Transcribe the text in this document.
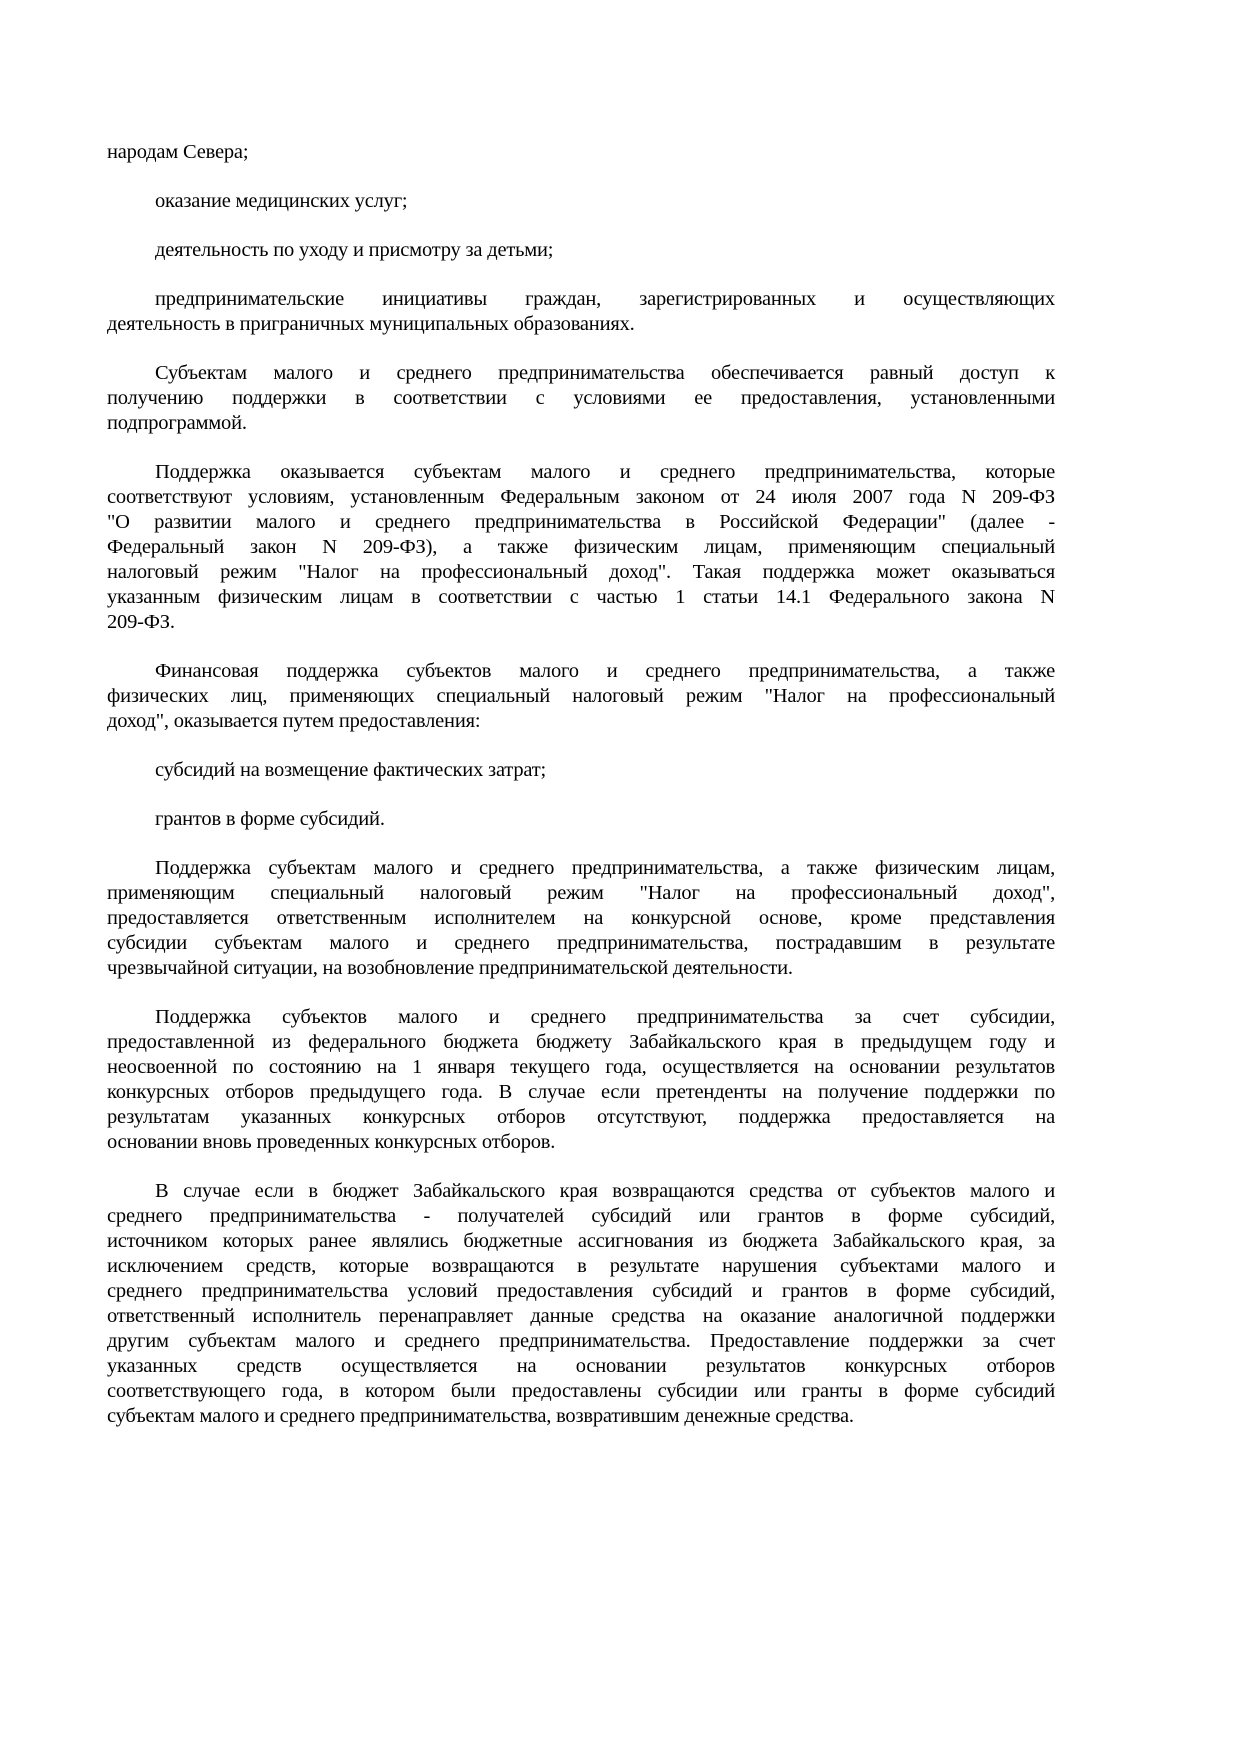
народам Севера;
оказание медицинских услуг;
деятельность по уходу и присмотру за детьми;
предпринимательские инициативы граждан, зарегистрированных и осуществляющих
деятельность в приграничных муниципальных образованиях.
Субъектам малого и среднего предпринимательства обеспечивается равный доступ к
получению поддержки в соответствии с условиями ее предоставления, установленными
подпрограммой.
Поддержка оказывается субъектам малого и среднего предпринимательства, которые
соответствуют условиям, установленным Федеральным законом от 24 июля 2007 года N 209-ФЗ
"О развитии малого и среднего предпринимательства в Российской Федерации" (далее -
Федеральный закон N 209-ФЗ), а также физическим лицам, применяющим специальный
налоговый режим "Налог на профессиональный доход". Такая поддержка может оказываться
указанным физическим лицам в соответствии с частью 1 статьи 14.1 Федерального закона N
209-ФЗ.
Финансовая поддержка субъектов малого и среднего предпринимательства, а также
физических лиц, применяющих специальный налоговый режим "Налог на профессиональный
доход", оказывается путем предоставления:
субсидий на возмещение фактических затрат;
грантов в форме субсидий.
Поддержка субъектам малого и среднего предпринимательства, а также физическим лицам,
применяющим специальный налоговый режим "Налог на профессиональный доход",
предоставляется ответственным исполнителем на конкурсной основе, кроме представления
субсидии субъектам малого и среднего предпринимательства, пострадавшим в результате
чрезвычайной ситуации, на возобновление предпринимательской деятельности.
Поддержка субъектов малого и среднего предпринимательства за счет субсидии,
предоставленной из федерального бюджета бюджету Забайкальского края в предыдущем году и
неосвоенной по состоянию на 1 января текущего года, осуществляется на основании результатов
конкурсных отборов предыдущего года. В случае если претенденты на получение поддержки по
результатам указанных конкурсных отборов отсутствуют, поддержка предоставляется на
основании вновь проведенных конкурсных отборов.
В случае если в бюджет Забайкальского края возвращаются средства от субъектов малого и
среднего предпринимательства - получателей субсидий или грантов в форме субсидий,
источником которых ранее являлись бюджетные ассигнования из бюджета Забайкальского края, за
исключением средств, которые возвращаются в результате нарушения субъектами малого и
среднего предпринимательства условий предоставления субсидий и грантов в форме субсидий,
ответственный исполнитель перенаправляет данные средства на оказание аналогичной поддержки
другим субъектам малого и среднего предпринимательства. Предоставление поддержки за счет
указанных средств осуществляется на основании результатов конкурсных отборов
соответствующего года, в котором были предоставлены субсидии или гранты в форме субсидий
субъектам малого и среднего предпринимательства, возвратившим денежные средства.
